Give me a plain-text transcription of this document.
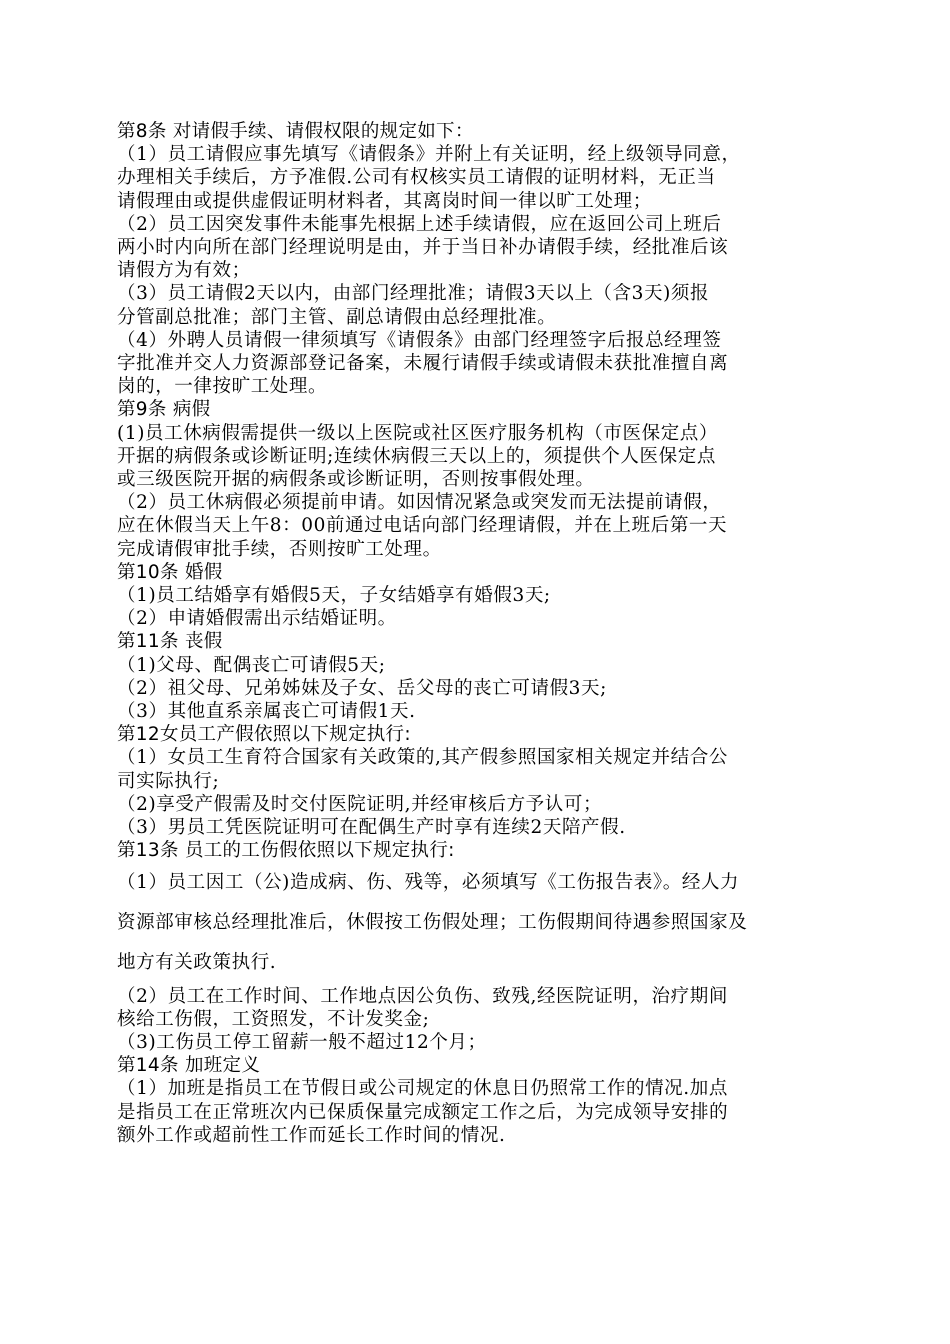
第8条 对请假手续、请假权限的规定如下：
（1）员工请假应事先填写《请假条》并附上有关证明，经上级领导同意，
办理相关手续后，方予准假.公司有权核实员工请假的证明材料，无正当
请假理由或提供虚假证明材料者，其离岗时间一律以旷工处理；
（2）员工因突发事件未能事先根据上述手续请假，应在返回公司上班后
两小时内向所在部门经理说明是由，并于当日补办请假手续，经批准后该
请假方为有效；
（3）员工请假2天以内，由部门经理批准；请假3天以上（含3天)须报
分管副总批准；部门主管、副总请假由总经理批准。
（4）外聘人员请假一律须填写《请假条》由部门经理签字后报总经理签
字批准并交人力资源部登记备案，未履行请假手续或请假未获批准擅自离
岗的，一律按旷工处理。
第9条 病假
(1)员工休病假需提供一级以上医院或社区医疗服务机构（市医保定点）
开据的病假条或诊断证明;连续休病假三天以上的，须提供个人医保定点
或三级医院开据的病假条或诊断证明，否则按事假处理。
（2）员工休病假必须提前申请。如因情况紧急或突发而无法提前请假，
应在休假当天上午8：00前通过电话向部门经理请假，并在上班后第一天
完成请假审批手续，否则按旷工处理。
第10条 婚假
（1)员工结婚享有婚假5天，子女结婚享有婚假3天;
（2）申请婚假需出示结婚证明。
第11条 丧假
（1)父母、配偶丧亡可请假5天;
（2）祖父母、兄弟姊妹及子女、岳父母的丧亡可请假3天;
（3）其他直系亲属丧亡可请假1天.
第12女员工产假依照以下规定执行:
（1）女员工生育符合国家有关政策的,其产假参照国家相关规定并结合公
司实际执行;
（2)享受产假需及时交付医院证明,并经审核后方予认可；
（3）男员工凭医院证明可在配偶生产时享有连续2天陪产假.
第13条 员工的工伤假依照以下规定执行:
（1）员工因工（公)造成病、伤、残等，必须填写《工伤报告表》。经人力
资源部审核总经理批准后，休假按工伤假处理；工伤假期间待遇参照国家及
地方有关政策执行.
（2）员工在工作时间、工作地点因公负伤、致残,经医院证明，治疗期间
核给工伤假，工资照发，不计发奖金;
（3)工伤员工停工留薪一般不超过12个月；
第14条 加班定义
（1）加班是指员工在节假日或公司规定的休息日仍照常工作的情况.加点
是指员工在正常班次内已保质保量完成额定工作之后，为完成领导安排的
额外工作或超前性工作而延长工作时间的情况.
